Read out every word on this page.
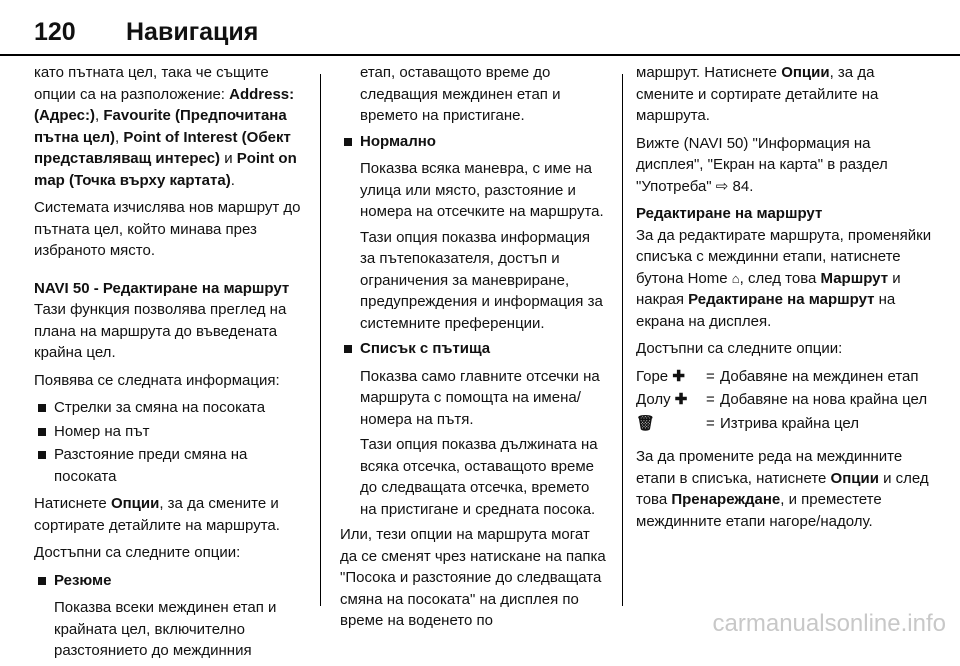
120	Навигация

като пътната цел, така че същите опции са на разположение: Address: (Адрес:), Favourite (Предпочитана пътна цел), Point of Interest (Обект представляващ интерес) и Point on map (Точка върху картата).

Системата изчислява нов маршрут до пътната цел, който минава през избраното място.

NAVI 50 - Редактиране на маршрут

Тази функция позволява преглед на плана на маршрута до въведената крайна цел.

Появява се следната информация:

Стрелки за смяна на посоката
Номер на път
Разстояние преди смяна на посоката

Натиснете Опции, за да смените и сортирате детайлите на маршрута.

Достъпни са следните опции:

Резюме

Показва всеки междинен етап и крайната цел, включително разстоянието до междинния

етап, оставащото време до следващия междинен етап и времето на пристигане.

Нормално

Показва всяка маневра, с име на улица или място, разстояние и номера на отсечките на маршрута.

Тази опция показва информация за пътепоказателя, достъп и ограничения за маневриране, предупреждения и информация за системните преференции.

Списък с пътища

Показва само главните отсечки на маршрута с помощта на имена/номера на пътя.

Тази опция показва дължината на всяка отсечка, оставащото време до следващата отсечка, времето на пристигане и средната посока.

Или, тези опции на маршрута могат да се сменят чрез натискане на папка "Посока и разстояние до следващата смяна на посоката" на дисплея по време на воденето по

маршрут. Натиснете Опции, за да смените и сортирате детайлите на маршрута.

Вижте (NAVI 50) "Информация на дисплея", "Екран на карта" в раздел "Употреба" ⇨ 84.

Редактиране на маршрут

За да редактирате маршрута, променяйки списъка с междинни етапи, натиснете бутона Home ⌂, след това Маршрут и накрая Редактиране на маршрут на екрана на дисплея.

Достъпни са следните опции:

Горе ✚	= Добавяне на междинен етап
Долу ✚	= Добавяне на нова крайна цел
🗑	= Изтрива крайна цел

За да промените реда на междинните етапи в списъка, натиснете Опции и след това Пренареждане, и преместете междинните етапи нагоре/надолу.

carmanualsonline.info
